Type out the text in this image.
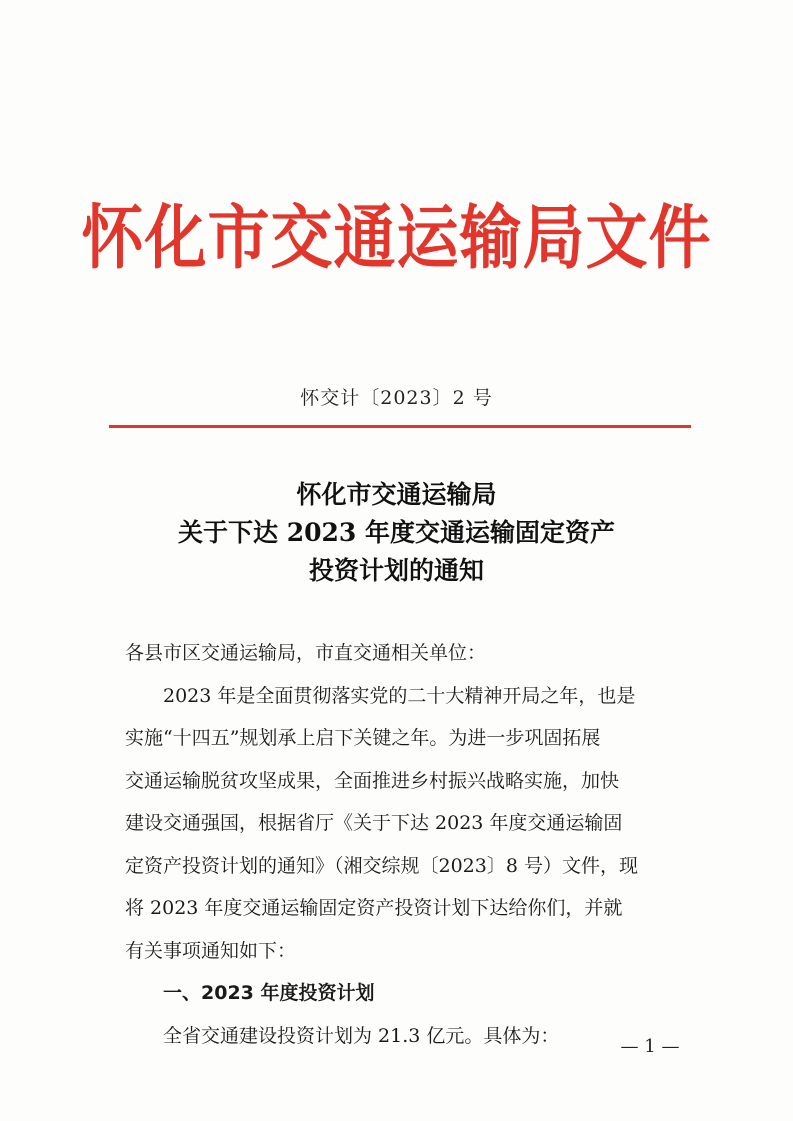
怀化市交通运输局文件
怀交计〔2023〕2 号
怀化市交通运输局
关于下达 2023 年度交通运输固定资产
投资计划的通知
各县市区交通运输局，市直交通相关单位：
2023 年是全面贯彻落实党的二十大精神开局之年，也是
实施“十四五”规划承上启下关键之年。为进一步巩固拓展
交通运输脱贫攻坚成果，全面推进乡村振兴战略实施，加快
建设交通强国，根据省厅《关于下达 2023 年度交通运输固
定资产投资计划的通知》（湘交综规〔2023〕8 号）文件，现
将 2023 年度交通运输固定资产投资计划下达给你们，并就
有关事项通知如下：
一、2023 年度投资计划
全省交通建设投资计划为 21.3 亿元。具体为：	— 1 —
